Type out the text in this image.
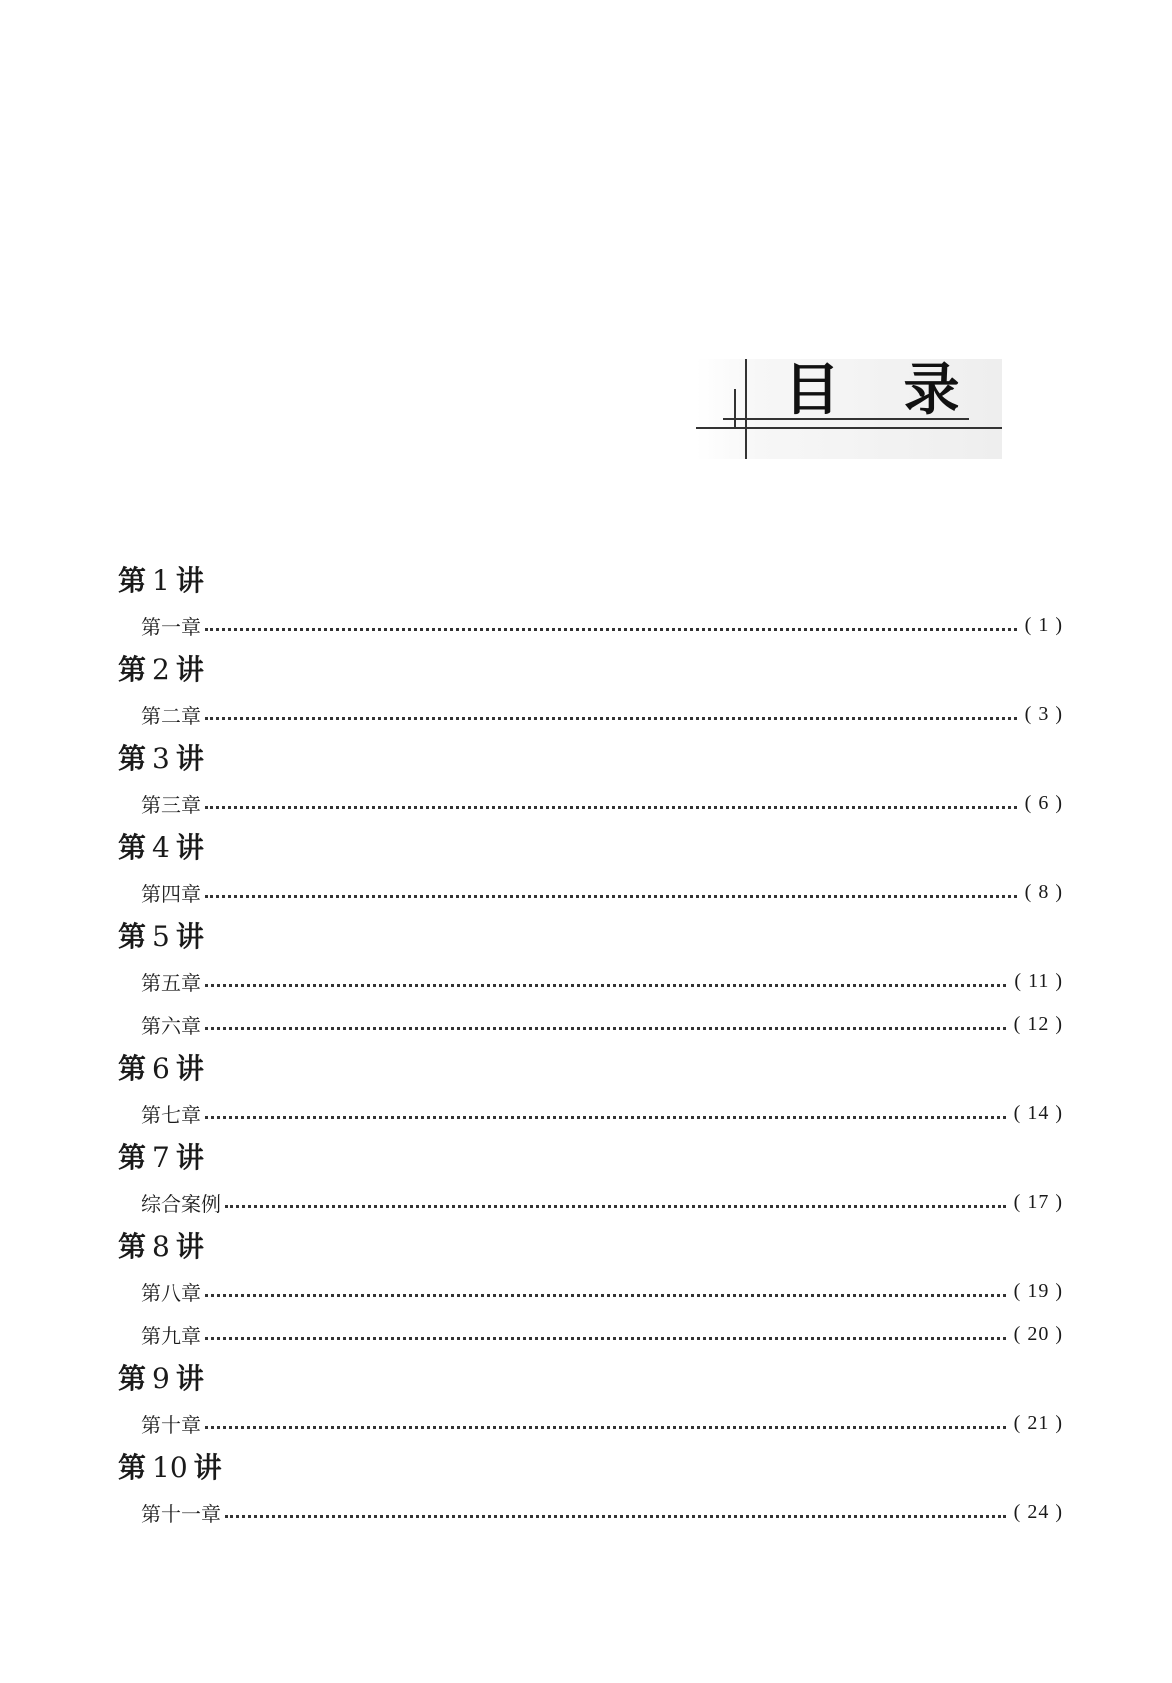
目 录
第 1 讲
第一章	( 1 )
第 2 讲
第二章	( 3 )
第 3 讲
第三章	( 6 )
第 4 讲
第四章	( 8 )
第 5 讲
第五章	( 11 )
第六章	( 12 )
第 6 讲
第七章	( 14 )
第 7 讲
综合案例	( 17 )
第 8 讲
第八章	( 19 )
第九章	( 20 )
第 9 讲
第十章	( 21 )
第 10 讲
第十一章	( 24 )
